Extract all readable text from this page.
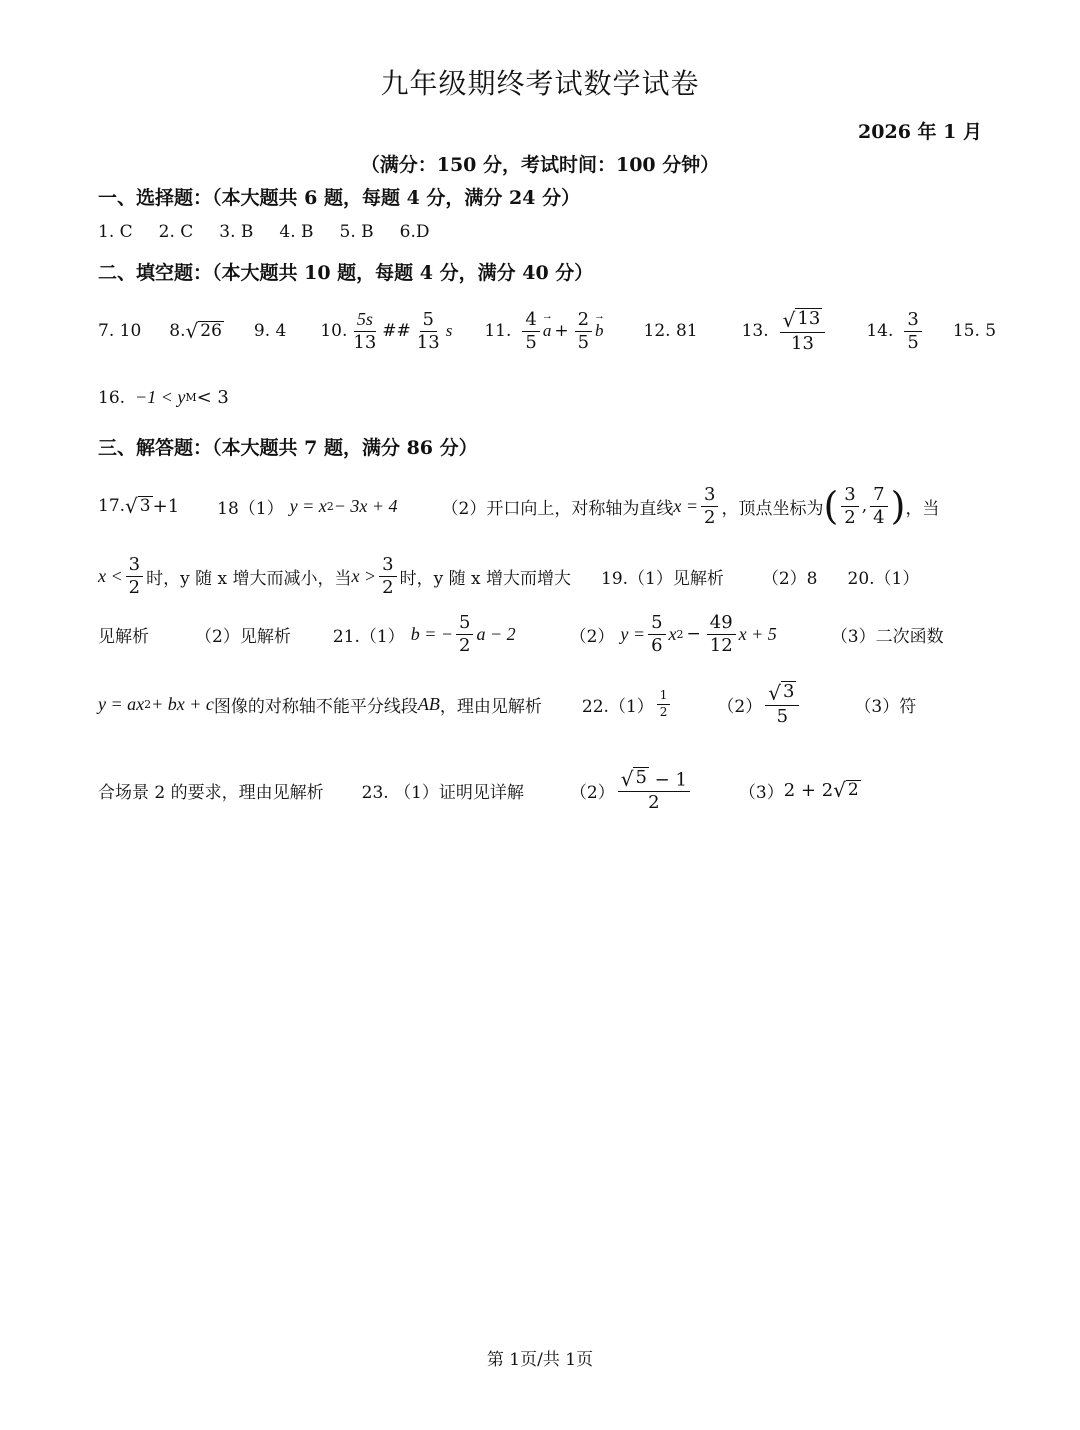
九年级期终考试数学试卷
2026 年 1 月
（满分：150 分，考试时间：100 分钟）
一、选择题：（本大题共 6 题，每题 4 分，满分 24 分）
1. C 2. C 3. B 4. B 5. B 6.D
二、填空题：（本大题共 10 题，每题 4 分，满分 40 分）
7. 10 8. √ 26 9. 4 10. $\frac{5s}{13}$ ## $\frac{5}{13}$ s 11. $\frac{4}{5}$
→ $a + \frac{2}{5}$
→ b 12. 81	13. $\frac{√ 13}{13} 14$. $\frac{3}{5} 15$. 5
16. −1 < y M < 3
三、解答题：（本大题共 7 题，满分 86 分）
17. √ 3 +1 18（1） y = x 2 − 3x + 4	（2）开口向上，对称轴为直线 $x = \frac{3}{2}$ ，顶点坐标为 ( $\frac{3}{2}$ , $\frac{7}{4}$ ) ，当
$x < \frac{3}{2}$ 时，y 随 x 增大而减小，当 $x > \frac{3}{2}$ 时，y 随 x 增大而增大 19.（1）见解析 （2）8 20.（1）
见解析	（2）见解析 21.（1） b = − $\frac{5}{2}$ a − 2	（2） $y = \frac{5}{6}$ x $2 - \frac{49}{12}$ x + 5	（3）二次函数
y = ax 2 + bx + c 图像的对称轴不能平分线段 AB ，理由见解析 $22.(1) \frac{1}{2}$	$(2) \frac{√ 3}{5}$	（3）符
合场景 2 的要求，理由见解析 23. （1）证明见详解	$(2) \frac{√ 5 - 1}{2}$	（3） 2 + 2 √ 2
第 1页/共 1页
